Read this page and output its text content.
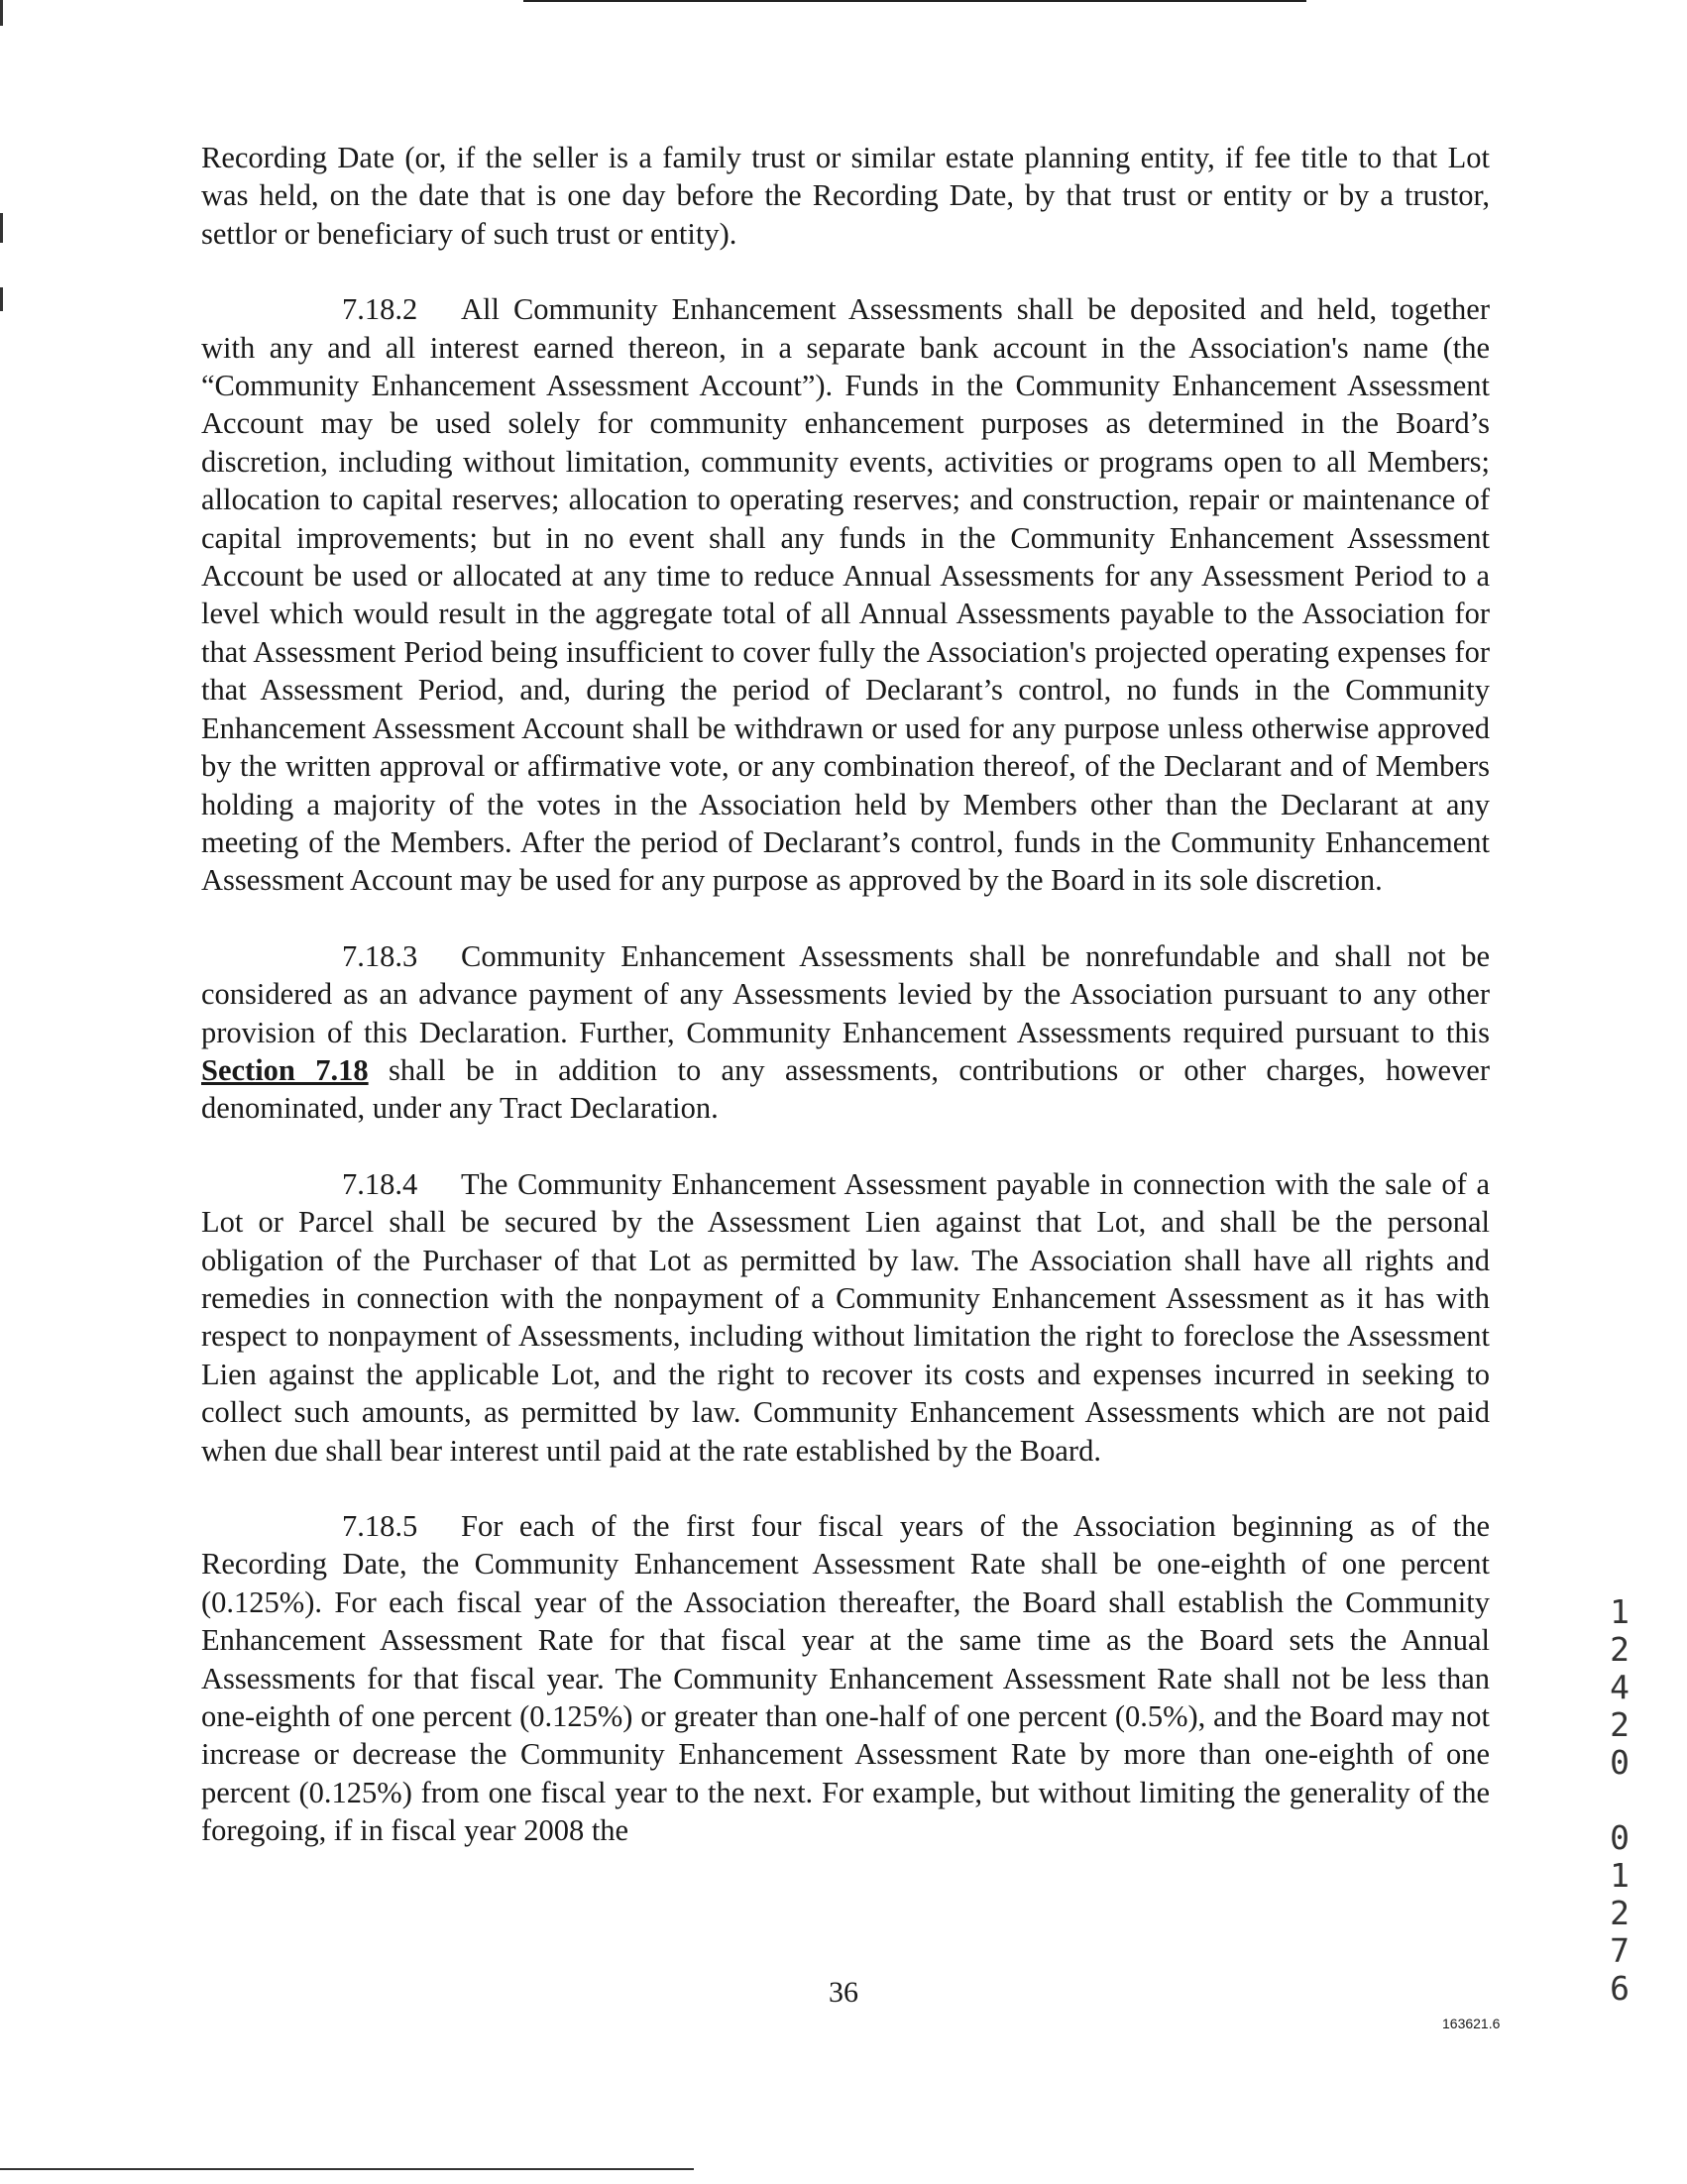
Recording Date (or, if the seller is a family trust or similar estate planning entity, if fee title to that Lot was held, on the date that is one day before the Recording Date, by that trust or entity or by a trustor, settlor or beneficiary of such trust or entity).

7.18.2 All Community Enhancement Assessments shall be deposited and held, together with any and all interest earned thereon, in a separate bank account in the Association's name (the “Community Enhancement Assessment Account”). Funds in the Community Enhancement Assessment Account may be used solely for community enhancement purposes as determined in the Board’s discretion, including without limitation, community events, activities or programs open to all Members; allocation to capital reserves; allocation to operating reserves; and construction, repair or maintenance of capital improvements; but in no event shall any funds in the Community Enhancement Assessment Account be used or allocated at any time to reduce Annual Assessments for any Assessment Period to a level which would result in the aggregate total of all Annual Assessments payable to the Association for that Assessment Period being insufficient to cover fully the Association's projected operating expenses for that Assessment Period, and, during the period of Declarant’s control, no funds in the Community Enhancement Assessment Account shall be withdrawn or used for any purpose unless otherwise approved by the written approval or affirmative vote, or any combination thereof, of the Declarant and of Members holding a majority of the votes in the Association held by Members other than the Declarant at any meeting of the Members. After the period of Declarant’s control, funds in the Community Enhancement Assessment Account may be used for any purpose as approved by the Board in its sole discretion.

7.18.3 Community Enhancement Assessments shall be nonrefundable and shall not be considered as an advance payment of any Assessments levied by the Association pursuant to any other provision of this Declaration. Further, Community Enhancement Assessments required pursuant to this Section 7.18 shall be in addition to any assessments, contributions or other charges, however denominated, under any Tract Declaration.

7.18.4 The Community Enhancement Assessment payable in connection with the sale of a Lot or Parcel shall be secured by the Assessment Lien against that Lot, and shall be the personal obligation of the Purchaser of that Lot as permitted by law. The Association shall have all rights and remedies in connection with the nonpayment of a Community Enhancement Assessment as it has with respect to nonpayment of Assessments, including without limitation the right to foreclose the Assessment Lien against the applicable Lot, and the right to recover its costs and expenses incurred in seeking to collect such amounts, as permitted by law. Community Enhancement Assessments which are not paid when due shall bear interest until paid at the rate established by the Board.

7.18.5 For each of the first four fiscal years of the Association beginning as of the Recording Date, the Community Enhancement Assessment Rate shall be one-eighth of one percent (0.125%). For each fiscal year of the Association thereafter, the Board shall establish the Community Enhancement Assessment Rate for that fiscal year at the same time as the Board sets the Annual Assessments for that fiscal year. The Community Enhancement Assessment Rate shall not be less than one-eighth of one percent (0.125%) or greater than one-half of one percent (0.5%), and the Board may not increase or decrease the Community Enhancement Assessment Rate by more than one-eighth of one percent (0.125%) from one fiscal year to the next. For example, but without limiting the generality of the foregoing, if in fiscal year 2008 the

1
2
4
2
0

0
1
2
7
6
36
163621.6
